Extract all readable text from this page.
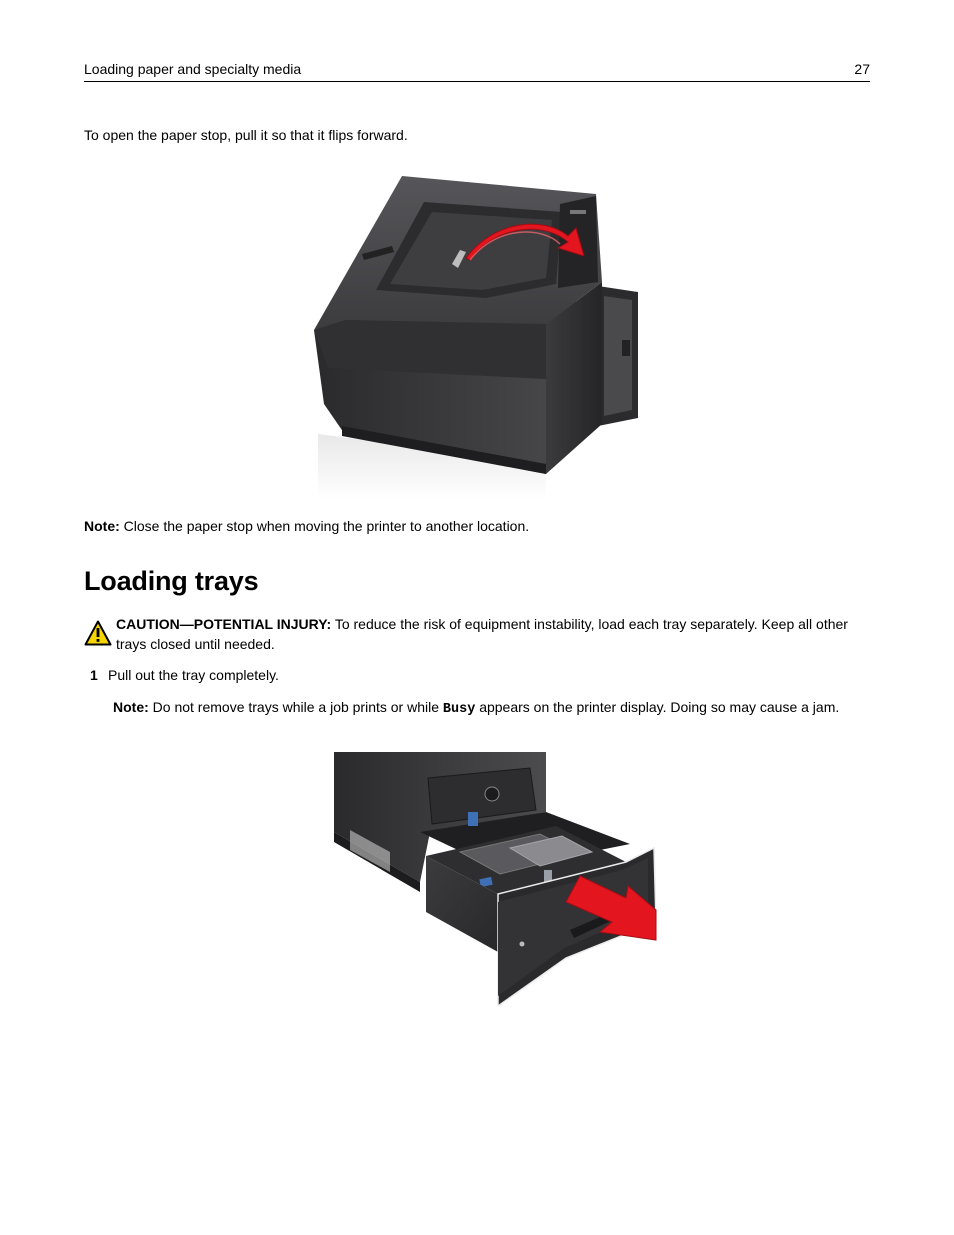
Loading paper and specialty media	27
To open the paper stop, pull it so that it flips forward.
Note: Close the paper stop when moving the printer to another location.
Loading trays
CAUTION—POTENTIAL INJURY: To reduce the risk of equipment instability, load each tray separately. Keep all other trays closed until needed.
1 Pull out the tray completely.
Note: Do not remove trays while a job prints or while Busy appears on the printer display. Doing so may cause a jam.
